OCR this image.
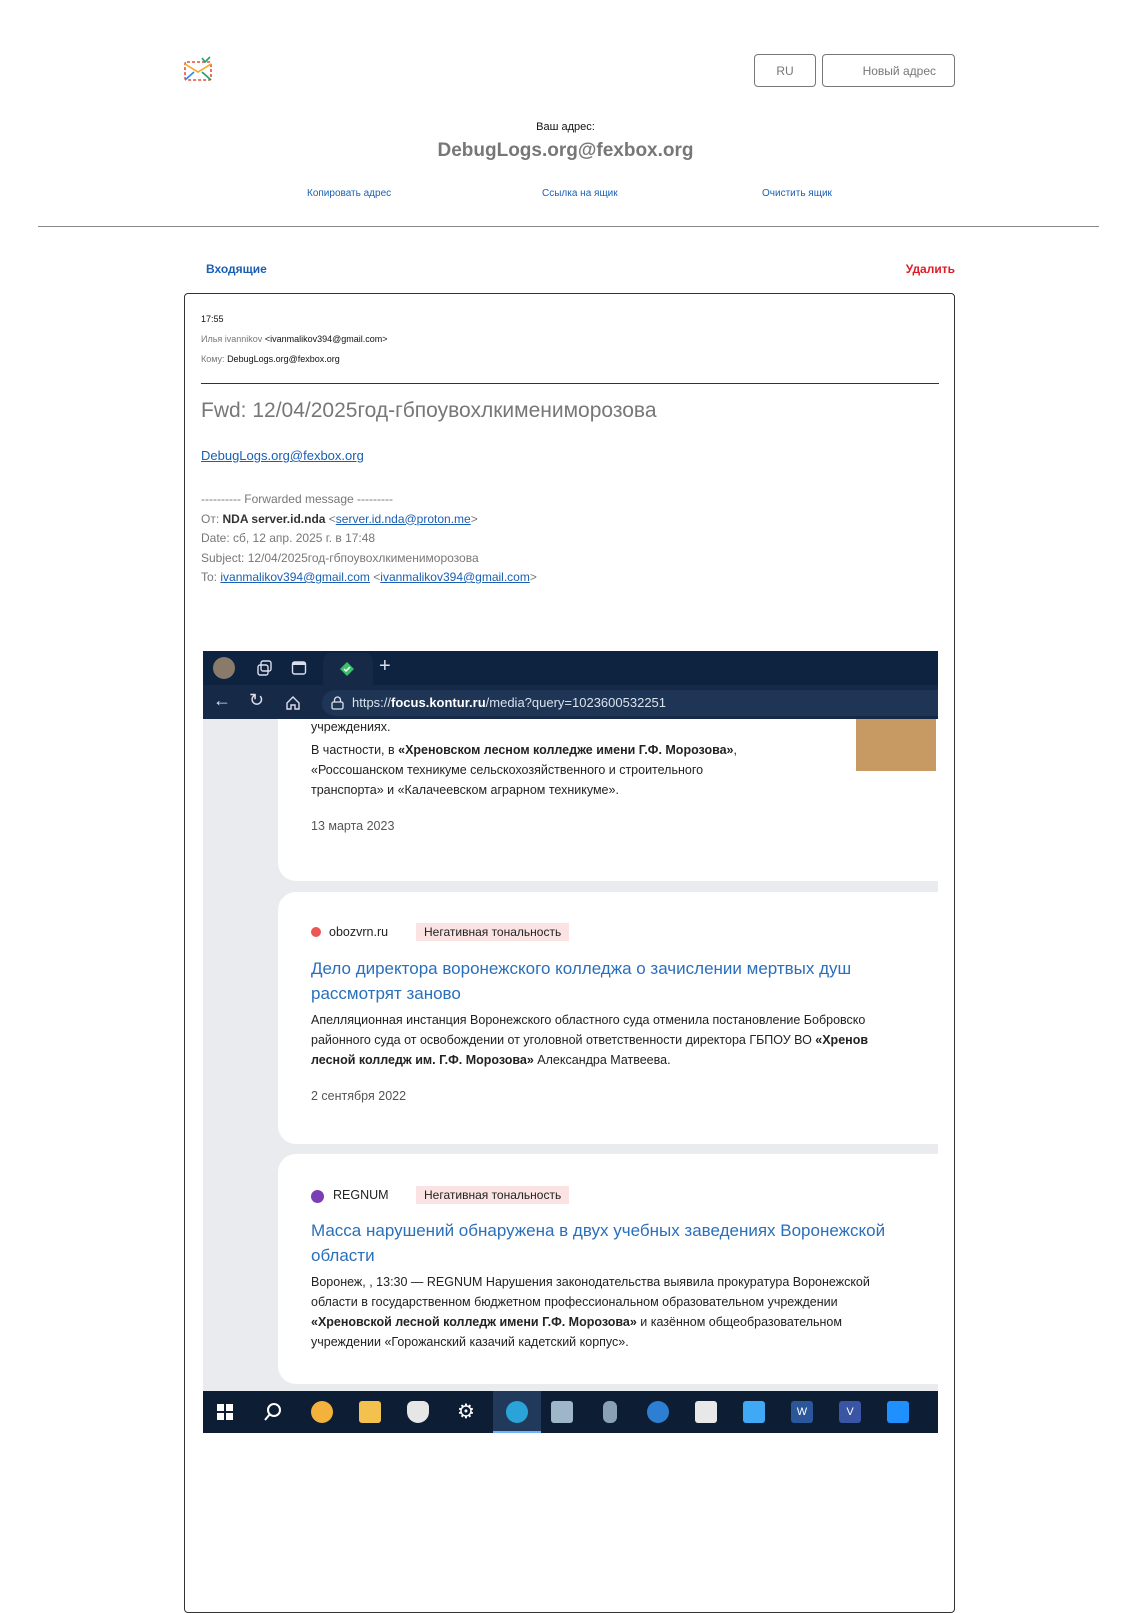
RU	Новый адрес
Ваш адрес:
DebugLogs.org@fexbox.org
Копировать адрес	Ссылка на ящик	Очистить ящик
Входящие	Удалить
17:55
Илья ivannikov <ivanmalikov394@gmail.com>
Кому: DebugLogs.org@fexbox.org
Fwd: 12/04/2025год-гбпоувохлкимениморозова
DebugLogs.org@fexbox.org
---------- Forwarded message ---------
От: NDA server.id.nda <server.id.nda@proton.me>
Date: сб, 12 апр. 2025 г. в 17:48
Subject: 12/04/2025год-гбпоувохлкимениморозова
To: ivanmalikov394@gmail.com <ivanmalikov394@gmail.com>
+
← ↻	https://focus.kontur.ru/media?query=1023600532251
учреждениях.
В частности, в «Хреновском лесном колледже имени Г.Ф. Морозова»,
«Россошанском техникуме сельскохозяйственного и строительного
транспорта» и «Калачеевском аграрном техникуме».
13 марта 2023
obozvrn.ru	Негативная тональность
Дело директора воронежского колледжа о зачислении мертвых душ
рассмотрят заново
Апелляционная инстанция Воронежского областного суда отменила постановление Бобровско
районного суда от освобождении от уголовной ответственности директора ГБПОУ ВО «Хренов
лесной колледж им. Г.Ф. Морозова» Александра Матвеева.
2 сентября 2022
REGNUM	Негативная тональность
Масса нарушений обнаружена в двух учебных заведениях Воронежской
области
Воронеж, , 13:30 — REGNUM Нарушения законодательства выявила прокуратура Воронежской
области в государственном бюджетном профессиональном образовательном учреждении
«Хреновской лесной колледж имени Г.Ф. Морозова» и казённом общеобразовательном
учреждении «Горожанский казачий кадетский корпус».
⚙	W	V
